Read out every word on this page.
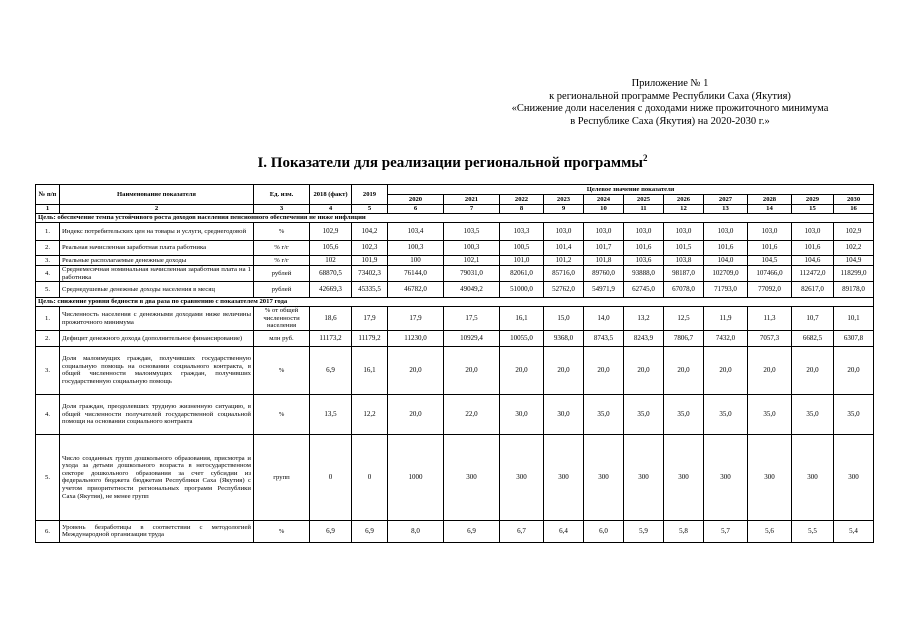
Приложение № 1
к региональной программе Республики Саха (Якутия)
«Снижение доли населения с доходами ниже прожиточного минимума
в Республике Саха (Якутия) на 2020-2030 г.»
I. Показатели для реализации региональной программы$^2$
№ п/п	Наименование показателя	Ед. изм.	2018 (факт)	2019	Целевое значение показателя										
					2020	2021	2022	2023	2024	2025	2026	2027	2028	2029	2030
1	2	3	4	5	6	7	8	9	10	11	12	13	14	15	16
Цель: обеспечение темпа устойчивого роста доходов населения пенсионного обеспечения не ниже инфляции															
1.	Индекс потребительских цен на товары и услуги, среднегодовой	%	102,9	104,2	103,4	103,5	103,3	103,0	103,0	103,0	103,0	103,0	103,0	103,0	102,9
2.	Реальная начисленная заработная плата работника	% г/г	105,6	102,3	100,3	100,3	100,5	101,4	101,7	101,6	101,5	101,6	101,6	101,6	102,2
3.	Реальные располагаемые денежные доходы	% г/г	102	101,9	100	102,1	101,0	101,2	101,8	103,6	103,8	104,0	104,5	104,6	104,9
4.	Среднемесячная номинальная начисленная заработная плата на 1 работника	рублей	68870,5	73402,3	76144,0	79031,0	82061,0	85716,0	89760,0	93888,0	98187,0	102709,0	107466,0	112472,0	118299,0
5.	Среднедушевые денежные доходы населения в месяц	рублей	42669,3	45335,5	46782,0	49049,2	51000,0	52762,0	54971,9	62745,0	67078,0	71793,0	77092,0	82617,0	89178,0
Цель: снижение уровня бедности в два раза по сравнению с показателем 2017 года															
1.	Численность населения с денежными доходами ниже величины прожиточного минимума	% от общей численности населения	18,6	17,9	17,9	17,5	16,1	15,0	14,0	13,2	12,5	11,9	11,3	10,7	10,1
2.	Дефицит денежного дохода (дополнительное финансирование)	млн руб.	11173,2	11179,2	11230,0	10929,4	10055,0	9368,0	8743,5	8243,9	7806,7	7432,0	7057,3	6682,5	6307,8
3.	Доля малоимущих граждан, получивших государственную социальную помощь на основании социального контракта, в общей численности малоимущих граждан, получивших государственную социальную помощь	%	6,9	16,1	20,0	20,0	20,0	20,0	20,0	20,0	20,0	20,0	20,0	20,0	20,0
4.	Доля граждан, преодолевших трудную жизненную ситуацию, в общей численности получателей государственной социальной помощи на основании социального контракта	%	13,5	12,2	20,0	22,0	30,0	30,0	35,0	35,0	35,0	35,0	35,0	35,0	35,0
5.	Число созданных групп дошкольного образования, присмотра и ухода за детьми дошкольного возраста в негосударственном секторе дошкольного образования за счет субсидии из федерального бюджета бюджетам Республики Саха (Якутия) с учетом приоритетности региональных программ Республики Саха (Якутия), не менее групп	групп	0	0	1000	300	300	300	300	300	300	300	300	300	300
6.	Уровень безработицы в соответствии с методологией Международной организации труда	%	6,9	6,9	8,0	6,9	6,7	6,4	6,0	5,9	5,8	5,7	5,6	5,5	5,4
